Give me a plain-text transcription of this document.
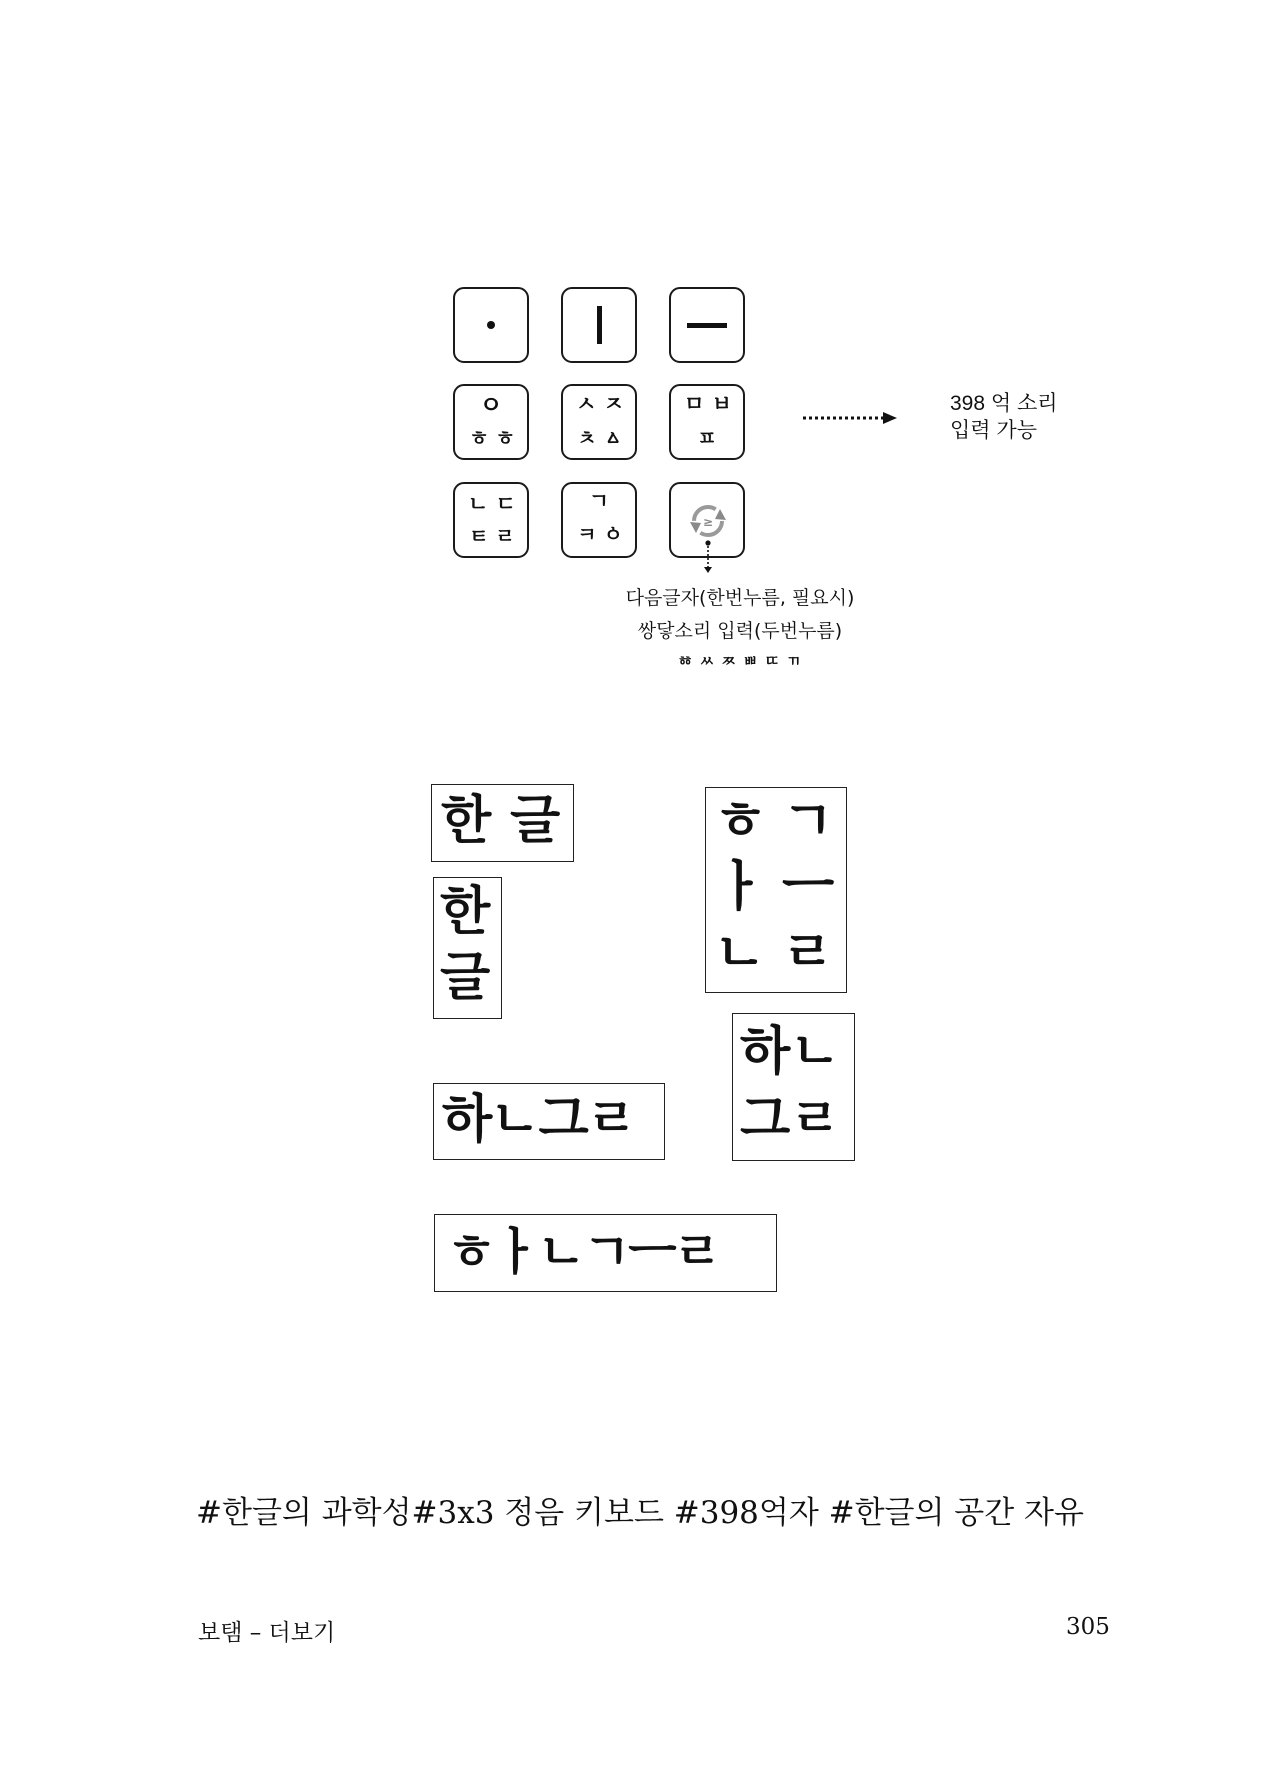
ㅇ
ㅎ ㅎ
ㅅ ㅈ
ㅊ ㅿ
ㅁ ㅂ
ㅍ
ㄴ ㄷ
ㅌ ㄹ
ㄱ
ㅋ ㆁ	≥
398 억 소리
입력 가능
다음글자(한번누름, 필요시)
쌍닿소리 입력(두번누름)
ㆅ ㅆ ㅉ ㅃ ㄸ ㄲ
한 글
한
글
ㅎ ㄱ
ㅏ ㅡ
ㄴ ㄹ
하ㄴ
그ㄹ
하ㄴ그ㄹ
ㅎㅏㄴㄱㅡㄹ
#한글의 과학성#3x3 정음 키보드 #398억자 #한글의 공간 자유
보탬 – 더보기	305
